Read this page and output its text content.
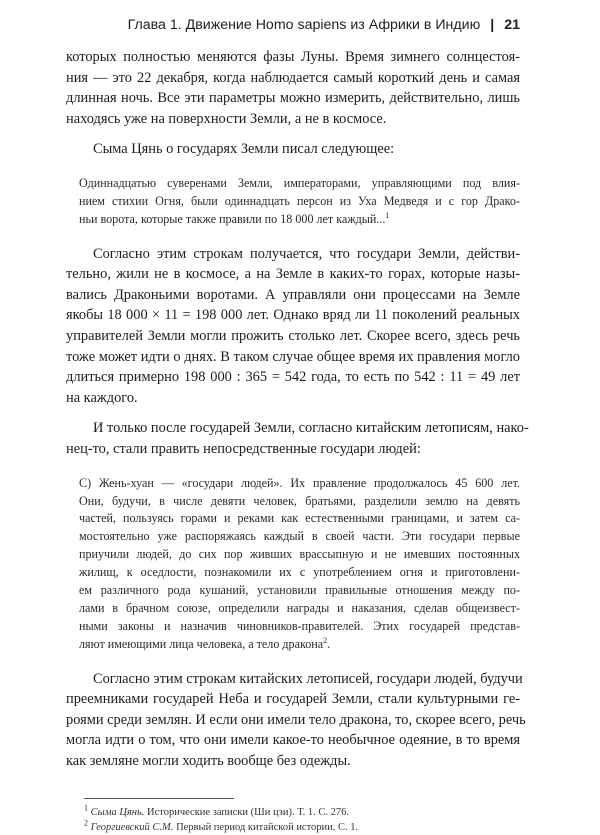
Глава 1. Движение Homo sapiens из Африки в Индию | 21
которых полностью меняются фазы Луны. Время зимнего солнцестоя-
ния — это 22 декабря, когда наблюдается самый короткий день и самая
длинная ночь. Все эти параметры можно измерить, действительно, лишь
находясь уже на поверхности Земли, а не в космосе.
Сыма Цянь о государях Земли писал следующее:
Одиннадцатью суверенами Земли, императорами, управляющими под влия-
нием стихии Огня, были одиннадцать персон из Уха Медведя и с гор Драко-
ньи ворота, которые также правили по 18 000 лет каждый...$^1$
Согласно этим строкам получается, что государи Земли, действи-
тельно, жили не в космосе, а на Земле в каких-то горах, которые назы-
вались Драконьими воротами. А управляли они процессами на Земле
якобы 18 000 × 11 = 198 000 лет. Однако вряд ли 11 поколений реальных
управителей Земли могли прожить столько лет. Скорее всего, здесь речь
тоже может идти о днях. В таком случае общее время их правления могло
длиться примерно 198 000 : 365 = 542 года, то есть по 542 : 11 = 49 лет
на каждого.
И только после государей Земли, согласно китайским летописям, нако-
нец-то, стали править непосредственные государи людей:
С) Жень-хуан — «государи людей». Их правление продолжалось 45 600 лет.
Они, будучи, в числе девяти человек, братьями, разделили землю на девять
частей, пользуясь горами и реками как естественными границами, и затем са-
мостоятельно уже распоряжаясь каждый в своей части. Эти государи первые
приучили людей, до сих пор живших врассыпную и не имевших постоянных
жилищ, к оседлости, познакомили их с употреблением огня и приготовлени-
ем различного рода кушаний, установили правильные отношения между по-
лами в брачном союзе, определили награды и наказания, сделав общеизвест-
ными законы и назначив чиновников-правителей. Этих государей представ-
ляют имеющими лица человека, а тело дракона$^2$.
Согласно этим строкам китайских летописей, государи людей, будучи
преемниками государей Неба и государей Земли, стали культурными ге-
роями среди землян. И если они имели тело дракона, то, скорее всего, речь
могла идти о том, что они имели какое-то необычное одеяние, в то время
как земляне могли ходить вообще без одежды.
$^1$ Сыма Цянь. Исторические записки (Ши цзи). Т. 1. С. 276.
$^2$ Георгиевский С.М. Первый период китайской истории. С. 1.
